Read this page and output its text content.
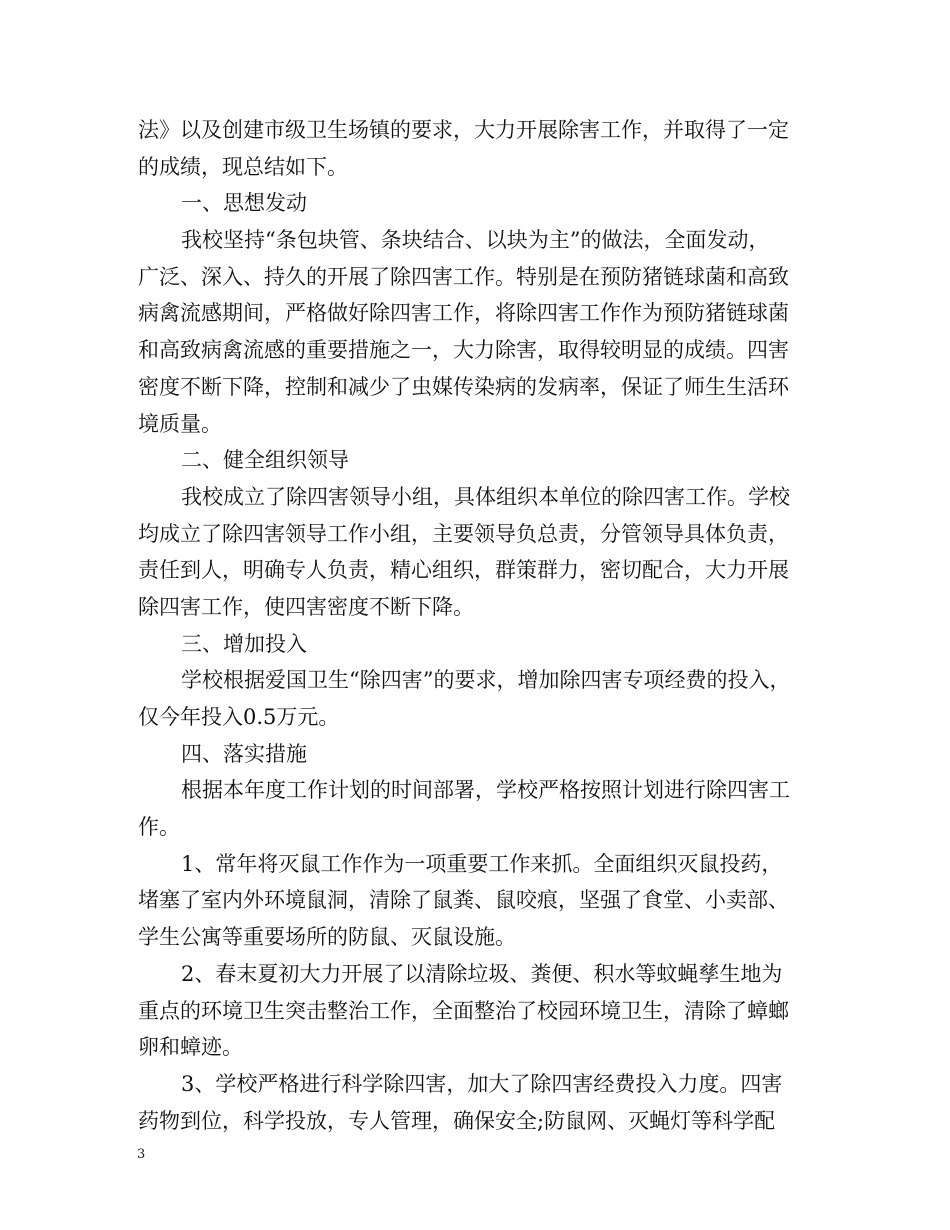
法》以及创建市级卫生场镇的要求，大力开展除害工作，并取得了一定
的成绩，现总结如下。
一、思想发动
我校坚持“条包块管、条块结合、以块为主”的做法，全面发动，
广泛、深入、持久的开展了除四害工作。特别是在预防猪链球菌和高致
病禽流感期间，严格做好除四害工作，将除四害工作作为预防猪链球菌
和高致病禽流感的重要措施之一，大力除害，取得较明显的成绩。四害
密度不断下降，控制和减少了虫媒传染病的发病率，保证了师生生活环
境质量。
二、健全组织领导
我校成立了除四害领导小组，具体组织本单位的除四害工作。学校
均成立了除四害领导工作小组，主要领导负总责，分管领导具体负责，
责任到人，明确专人负责，精心组织，群策群力，密切配合，大力开展
除四害工作，使四害密度不断下降。
三、增加投入
学校根据爱国卫生“除四害”的要求，增加除四害专项经费的投入，
仅今年投入0.5万元。
四、落实措施
根据本年度工作计划的时间部署，学校严格按照计划进行除四害工
作。
1、常年将灭鼠工作作为一项重要工作来抓。全面组织灭鼠投药，
堵塞了室内外环境鼠洞，清除了鼠粪、鼠咬痕，坚强了食堂、小卖部、
学生公寓等重要场所的防鼠、灭鼠设施。
2、春末夏初大力开展了以清除垃圾、粪便、积水等蚊蝇孳生地为
重点的环境卫生突击整治工作，全面整治了校园环境卫生，清除了蟑螂
卵和蟑迹。
3、学校严格进行科学除四害，加大了除四害经费投入力度。四害
药物到位，科学投放，专人管理，确保安全;防鼠网、灭蝇灯等科学配
3
